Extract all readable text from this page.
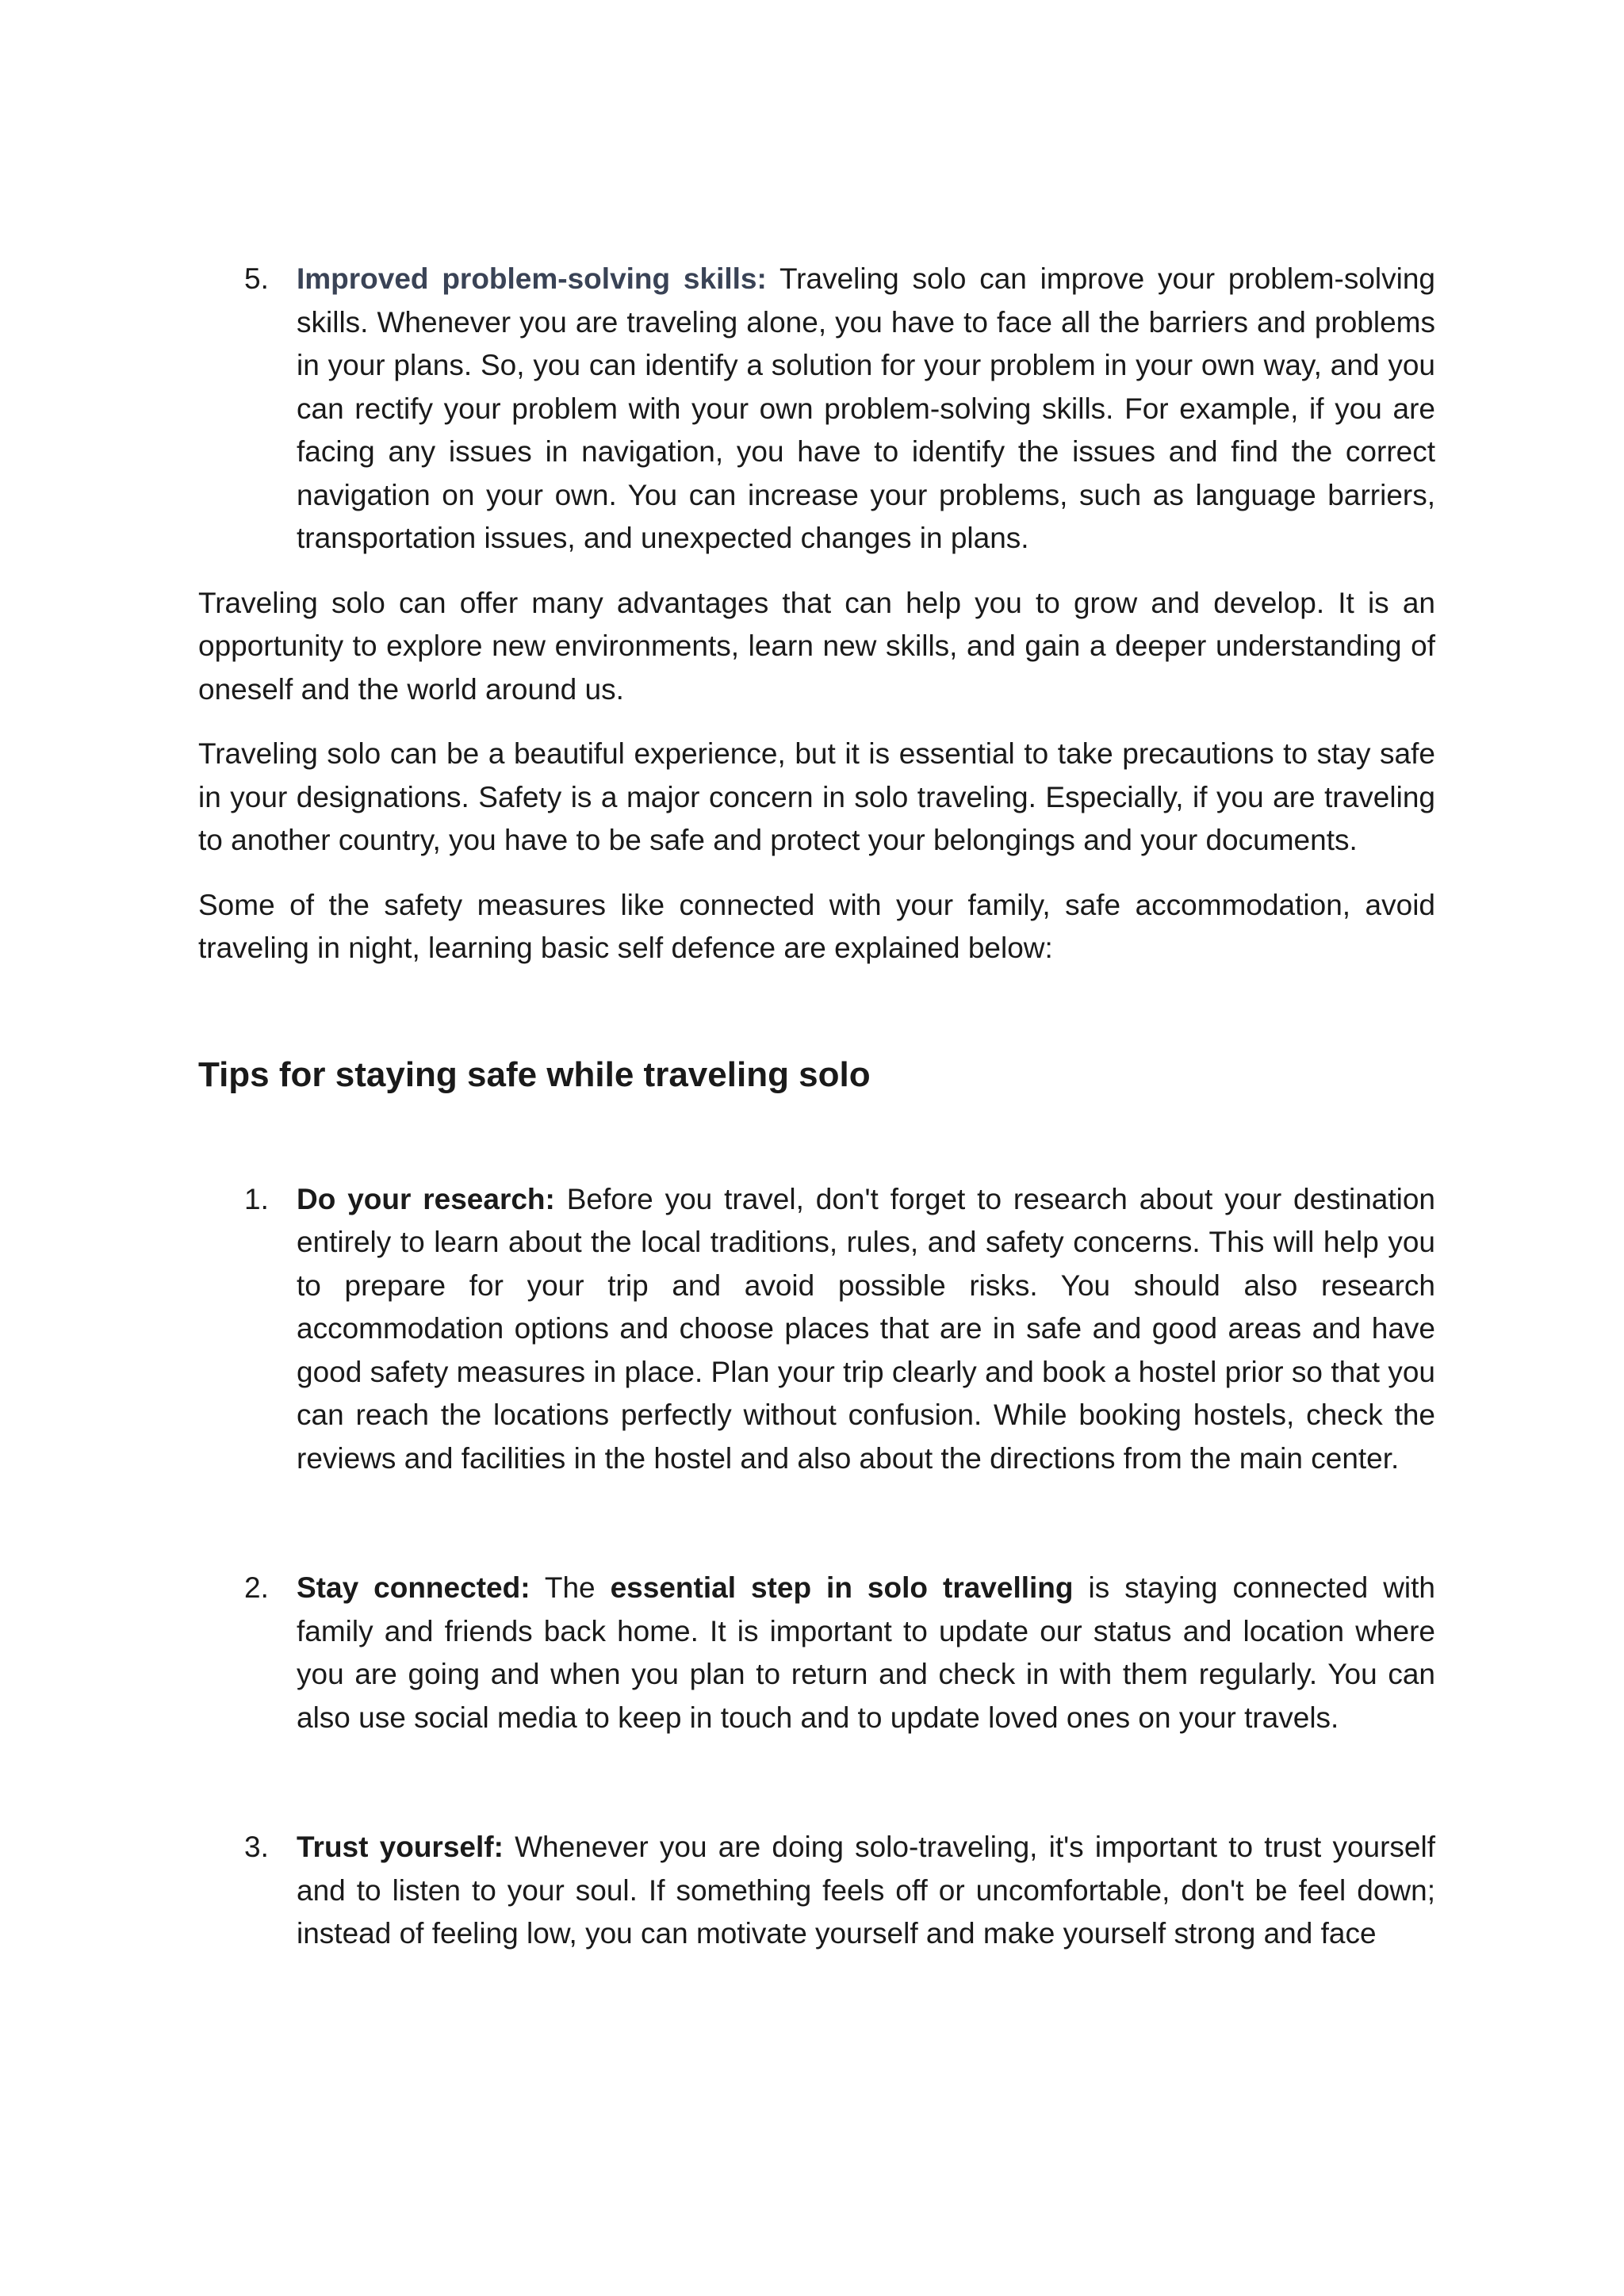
5. Improved problem-solving skills: Traveling solo can improve your problem-solving skills. Whenever you are traveling alone, you have to face all the barriers and problems in your plans. So, you can identify a solution for your problem in your own way, and you can rectify your problem with your own problem-solving skills. For example, if you are facing any issues in navigation, you have to identify the issues and find the correct navigation on your own. You can increase your problems, such as language barriers, transportation issues, and unexpected changes in plans.

Traveling solo can offer many advantages that can help you to grow and develop. It is an opportunity to explore new environments, learn new skills, and gain a deeper understanding of oneself and the world around us.

Traveling solo can be a beautiful experience, but it is essential to take precautions to stay safe in your designations. Safety is a major concern in solo traveling. Especially, if you are traveling to another country, you have to be safe and protect your belongings and your documents.

Some of the safety measures like connected with your family, safe accommodation, avoid traveling in night, learning basic self defence are explained below:

Tips for staying safe while traveling solo
1. Do your research: Before you travel, don't forget to research about your destination entirely to learn about the local traditions, rules, and safety concerns. This will help you to prepare for your trip and avoid possible risks. You should also research accommodation options and choose places that are in safe and good areas and have good safety measures in place. Plan your trip clearly and book a hostel prior so that you can reach the locations perfectly without confusion. While booking hostels, check the reviews and facilities in the hostel and also about the directions from the main center.
2. Stay connected: The essential step in solo travelling is staying connected with family and friends back home. It is important to update our status and location where you are going and when you plan to return and check in with them regularly. You can also use social media to keep in touch and to update loved ones on your travels.
3. Trust yourself: Whenever you are doing solo-traveling, it's important to trust yourself and to listen to your soul. If something feels off or uncomfortable, don't be feel down; instead of feeling low, you can motivate yourself and make yourself strong and face
